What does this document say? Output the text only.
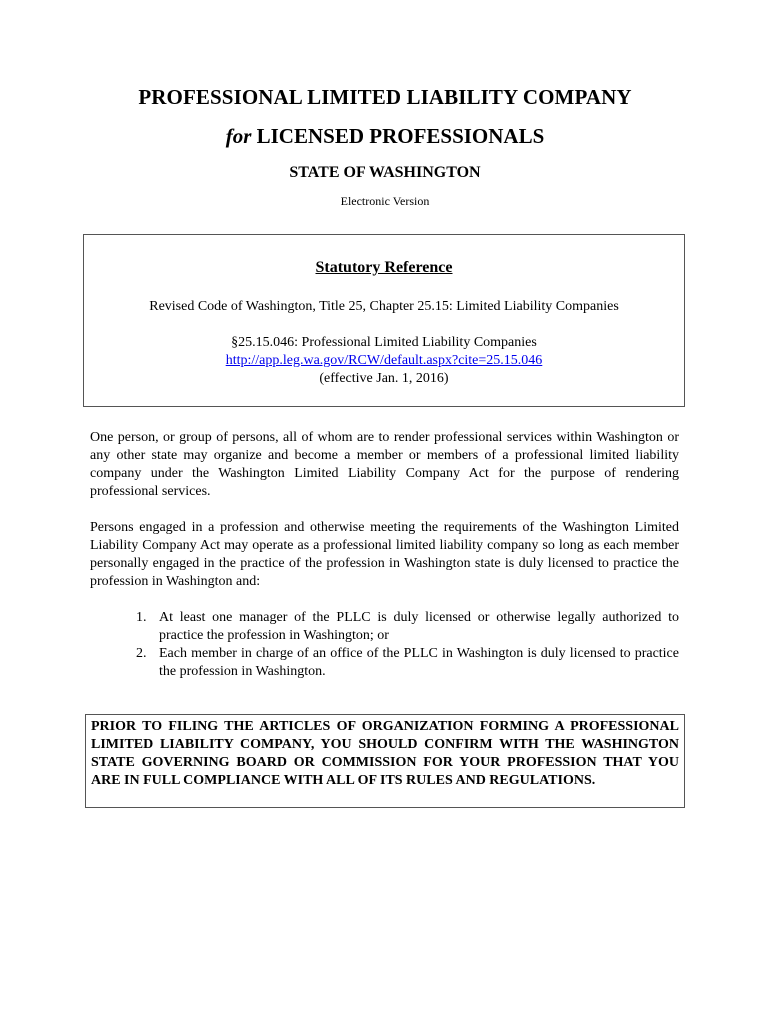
PROFESSIONAL LIMITED LIABILITY COMPANY
for LICENSED PROFESSIONALS
STATE OF WASHINGTON
Electronic Version
Statutory Reference
Revised Code of Washington, Title 25, Chapter 25.15: Limited Liability Companies
§25.15.046: Professional Limited Liability Companies
http://app.leg.wa.gov/RCW/default.aspx?cite=25.15.046
(effective Jan. 1, 2016)
One person, or group of persons, all of whom are to render professional services within Washington or any other state may organize and become a member or members of a professional limited liability company under the Washington Limited Liability Company Act for the purpose of rendering professional services.
Persons engaged in a profession and otherwise meeting the requirements of the Washington Limited Liability Company Act may operate as a professional limited liability company so long as each member personally engaged in the practice of the profession in Washington state is duly licensed to practice the profession in Washington and:
1. At least one manager of the PLLC is duly licensed or otherwise legally authorized to practice the profession in Washington; or
2. Each member in charge of an office of the PLLC in Washington is duly licensed to practice the profession in Washington.
PRIOR TO FILING THE ARTICLES OF ORGANIZATION FORMING A PROFESSIONAL LIMITED LIABILITY COMPANY, YOU SHOULD CONFIRM WITH THE WASHINGTON STATE GOVERNING BOARD OR COMMISSION FOR YOUR PROFESSION THAT YOU ARE IN FULL COMPLIANCE WITH ALL OF ITS RULES AND REGULATIONS.
